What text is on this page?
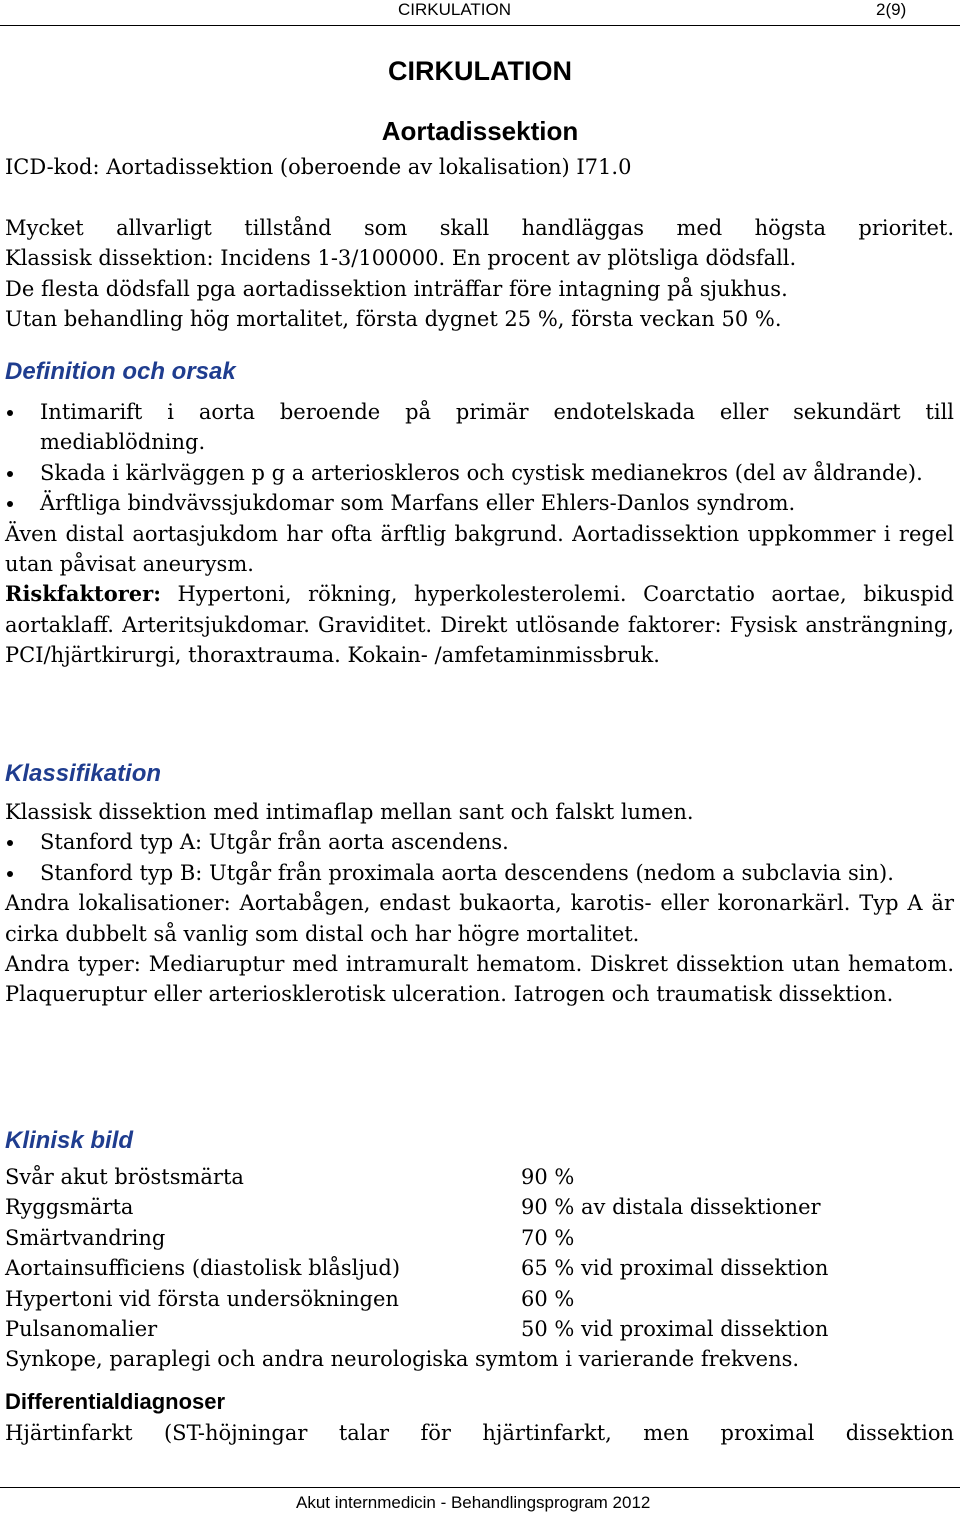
CIRKULATION	2(9)
CIRKULATION
Aortadissektion
ICD-kod: Aortadissektion (oberoende av lokalisation) I71.0
Mycket allvarligt tillstånd som skall handläggas med högsta prioritet.
Klassisk dissektion: Incidens 1-3/100000. En procent av plötsliga dödsfall.
De flesta dödsfall pga aortadissektion inträffar före intagning på sjukhus.
Utan behandling hög mortalitet, första dygnet 25 %, första veckan 50 %.
Definition och orsak
Intimarift i aorta beroende på primär endotelskada eller sekundärt till mediablödning.
Skada i kärlväggen p g a arterioskleros och cystisk medianekros (del av åldrande).
Ärftliga bindvävssjukdomar som Marfans eller Ehlers-Danlos syndrom.
Även distal aortasjukdom har ofta ärftlig bakgrund. Aortadissektion uppkommer i regel utan påvisat aneurysm.
Riskfaktorer: Hypertoni, rökning, hyperkolesterolemi. Coarctatio aortae, bikuspid aortaklaff. Arteritsjukdomar. Graviditet. Direkt utlösande faktorer: Fysisk ansträngning, PCI/hjärtkirurgi, thoraxtrauma. Kokain- /amfetaminmissbruk.
Klassifikation
Klassisk dissektion med intimaflap mellan sant och falskt lumen.
Stanford typ A: Utgår från aorta ascendens.
Stanford typ B: Utgår från proximala aorta descendens (nedom a subclavia sin).
Andra lokalisationer: Aortabågen, endast bukaorta, karotis- eller koronarkärl. Typ A är cirka dubbelt så vanlig som distal och har högre mortalitet.
Andra typer: Mediaruptur med intramuralt hematom. Diskret dissektion utan hematom. Plaqueruptur eller arteriosklerotisk ulceration. Iatrogen och traumatisk dissektion.
Klinisk bild
Svår akut bröstsmärta	90 %
Ryggsmärta	90 % av distala dissektioner
Smärtvandring	70 %
Aortainsufficiens (diastolisk blåsljud)	65 % vid proximal dissektion
Hypertoni vid första undersökningen	60 %
Pulsanomalier	50 % vid proximal dissektion
Synkope, paraplegi och andra neurologiska symtom i varierande frekvens.
Differentialdiagnoser
Hjärtinfarkt (ST-höjningar talar för hjärtinfarkt, men proximal dissektion
Akut internmedicin - Behandlingsprogram 2012
